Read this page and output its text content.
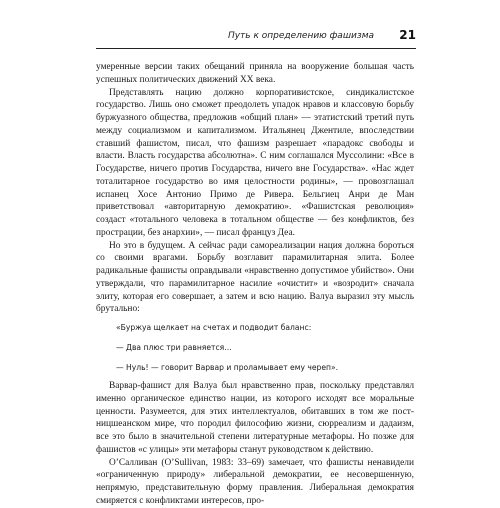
Путь к определению фашизма 21

умеренные версии таких обещаний приняла на вооружение большая часть успешных политических движений XX века.

Представлять нацию должно корпоративистское, синдикалистское государство. Лишь оно сможет преодолеть упадок нравов и классовую борьбу буржуазного общества, предложив «общий план» — этатистский третий путь между социализмом и капитализмом. Итальянец Джентиле, впоследствии ставший фашистом, писал, что фашизм разрешает «парадокс свободы и власти. Власть государства абсолютна». С ним соглашался Муссолини: «Все в Государстве, ничего против Государства, ничего вне Государства». «Нас ждет тоталитарное государство во имя целостности родины», — провозглашал испанец Хосе Антонио Примо де Ривера. Бельгиец Анри де Ман приветствовал «авторитарную демократию». «Фашистская революция» создаст «тотального человека в тотальном обществе — без конфликтов, без прострации, без анархии», — писал француз Деа.

Но это в будущем. А сейчас ради самореализации нация должна бороться со своими врагами. Борьбу возглавит парамилитарная элита. Более радикальные фашисты оправдывали «нравственно допустимое убийство». Они утверждали, что парамилитарное насилие «очистит» и «возродит» сначала элиту, которая его совершает, а затем и всю нацию. Валуа выразил эту мысль брутально:

«Буржуа щелкает на счетах и подводит баланс:
— Два плюс три равняется…
— Нуль! — говорит Варвар и проламывает ему череп».

Варвар-фашист для Валуа был нравственно прав, поскольку представлял именно органическое единство нации, из которого исходят все моральные ценности. Разумеется, для этих интеллектуалов, обитавших в том же пост-ницшеанском мире, что породил философию жизни, сюрреализм и дадаизм, все это было в значительной степени литературные метафоры. Но позже для фашистов «с улицы» эти метафоры станут руководством к действию.

О’Салливан (O’Sullivan, 1983: 33–69) замечает, что фашисты ненавидели «ограниченную природу» либеральной демократии, ее несовершенную, непрямую, представительную форму правления. Либеральная демократия смиряется с конфликтами интересов, про-
